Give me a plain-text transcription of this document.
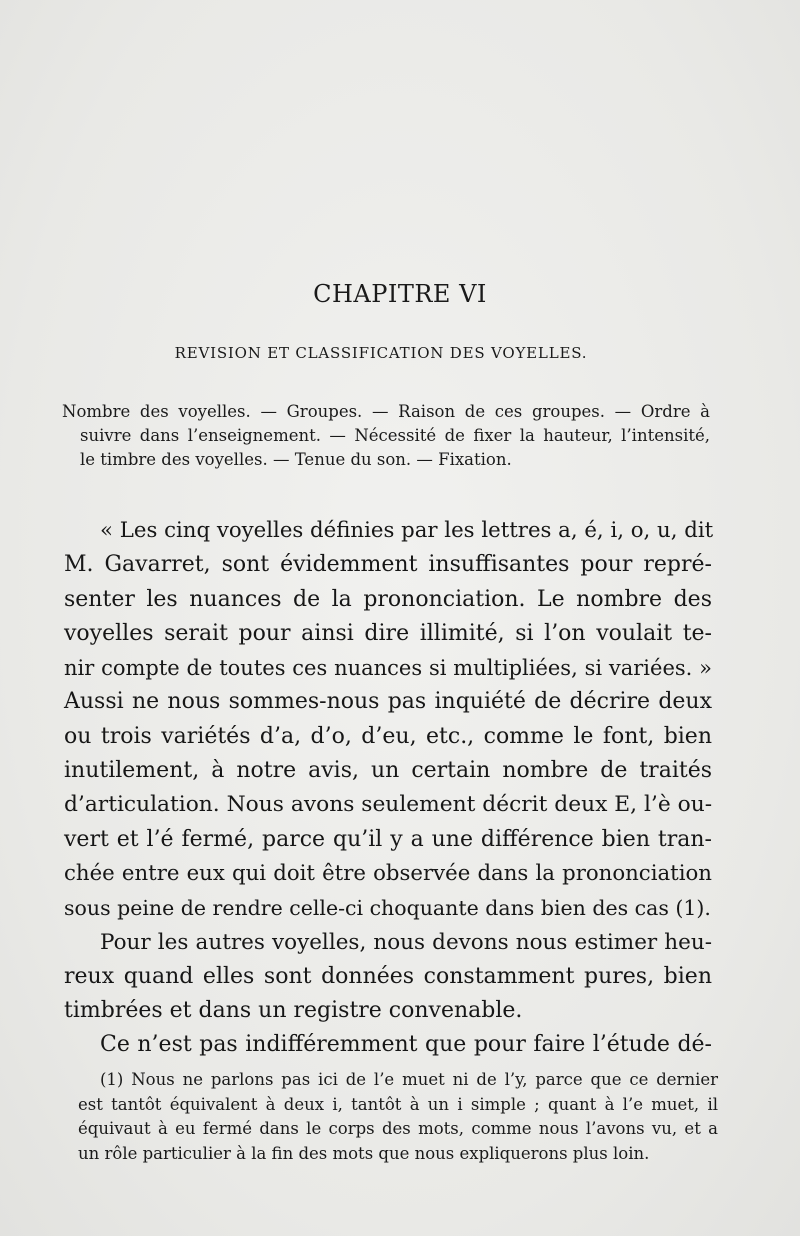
CHAPITRE VI
REVISION ET CLASSIFICATION DES VOYELLES.
Nombre des voyelles. — Groupes. — Raison de ces groupes. — Ordre à
suivre dans l’enseignement. — Nécessité de fixer la hauteur, l’intensité,
le timbre des voyelles. — Tenue du son. — Fixation.
« Les cinq voyelles définies par les lettres a, é, i, o, u, dit
M. Gavarret, sont évidemment insuffisantes pour repré-
senter les nuances de la prononciation. Le nombre des
voyelles serait pour ainsi dire illimité, si l’on voulait te-
nir compte de toutes ces nuances si multipliées, si variées. »
Aussi ne nous sommes-nous pas inquiété de décrire deux
ou trois variétés d’a, d’o, d’eu, etc., comme le font, bien
inutilement, à notre avis, un certain nombre de traités
d’articulation. Nous avons seulement décrit deux E, l’è ou-
vert et l’é fermé, parce qu’il y a une différence bien tran-
chée entre eux qui doit être observée dans la prononciation
sous peine de rendre celle-ci choquante dans bien des cas (1).
Pour les autres voyelles, nous devons nous estimer heu-
reux quand elles sont données constamment pures, bien
timbrées et dans un registre convenable.
Ce n’est pas indifféremment que pour faire l’étude dé-
(1) Nous ne parlons pas ici de l’e muet ni de l’y, parce que ce dernier
est tantôt équivalent à deux i, tantôt à un i simple ; quant à l’e muet, il
équivaut à eu fermé dans le corps des mots, comme nous l’avons vu, et a
un rôle particulier à la fin des mots que nous expliquerons plus loin.
